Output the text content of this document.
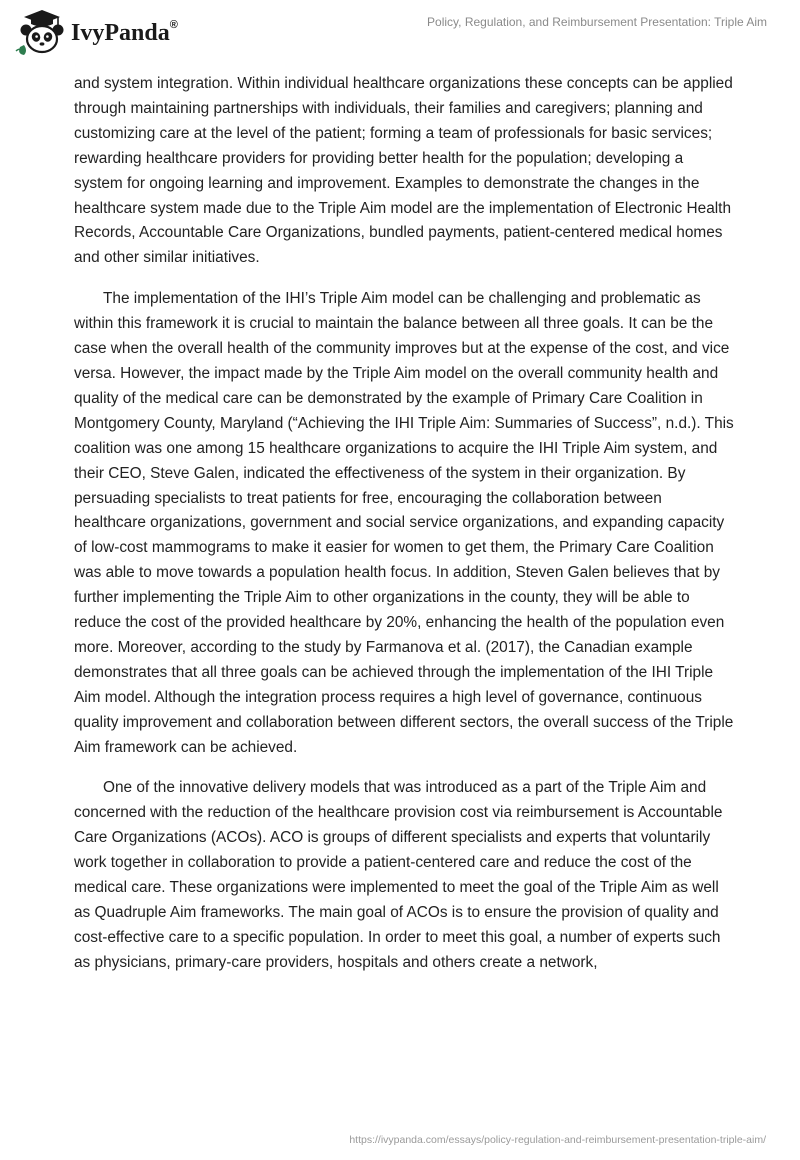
IvyPanda®	Policy, Regulation, and Reimbursement Presentation: Triple Aim

and system integration. Within individual healthcare organizations these concepts can be applied through maintaining partnerships with individuals, their families and caregivers; planning and customizing care at the level of the patient; forming a team of professionals for basic services; rewarding healthcare providers for providing better health for the population; developing a system for ongoing learning and improvement. Examples to demonstrate the changes in the healthcare system made due to the Triple Aim model are the implementation of Electronic Health Records, Accountable Care Organizations, bundled payments, patient-centered medical homes and other similar initiatives.

The implementation of the IHI’s Triple Aim model can be challenging and problematic as within this framework it is crucial to maintain the balance between all three goals. It can be the case when the overall health of the community improves but at the expense of the cost, and vice versa. However, the impact made by the Triple Aim model on the overall community health and quality of the medical care can be demonstrated by the example of Primary Care Coalition in Montgomery County, Maryland (“Achieving the IHI Triple Aim: Summaries of Success”, n.d.). This coalition was one among 15 healthcare organizations to acquire the IHI Triple Aim system, and their CEO, Steve Galen, indicated the effectiveness of the system in their organization. By persuading specialists to treat patients for free, encouraging the collaboration between healthcare organizations, government and social service organizations, and expanding capacity of low-cost mammograms to make it easier for women to get them, the Primary Care Coalition was able to move towards a population health focus. In addition, Steven Galen believes that by further implementing the Triple Aim to other organizations in the county, they will be able to reduce the cost of the provided healthcare by 20%, enhancing the health of the population even more. Moreover, according to the study by Farmanova et al. (2017), the Canadian example demonstrates that all three goals can be achieved through the implementation of the IHI Triple Aim model. Although the integration process requires a high level of governance, continuous quality improvement and collaboration between different sectors, the overall success of the Triple Aim framework can be achieved.

One of the innovative delivery models that was introduced as a part of the Triple Aim and concerned with the reduction of the healthcare provision cost via reimbursement is Accountable Care Organizations (ACOs). ACO is groups of different specialists and experts that voluntarily work together in collaboration to provide a patient-centered care and reduce the cost of the medical care. These organizations were implemented to meet the goal of the Triple Aim as well as Quadruple Aim frameworks. The main goal of ACOs is to ensure the provision of quality and cost-effective care to a specific population. In order to meet this goal, a number of experts such as physicians, primary-care providers, hospitals and others create a network,

https://ivypanda.com/essays/policy-regulation-and-reimbursement-presentation-triple-aim/
